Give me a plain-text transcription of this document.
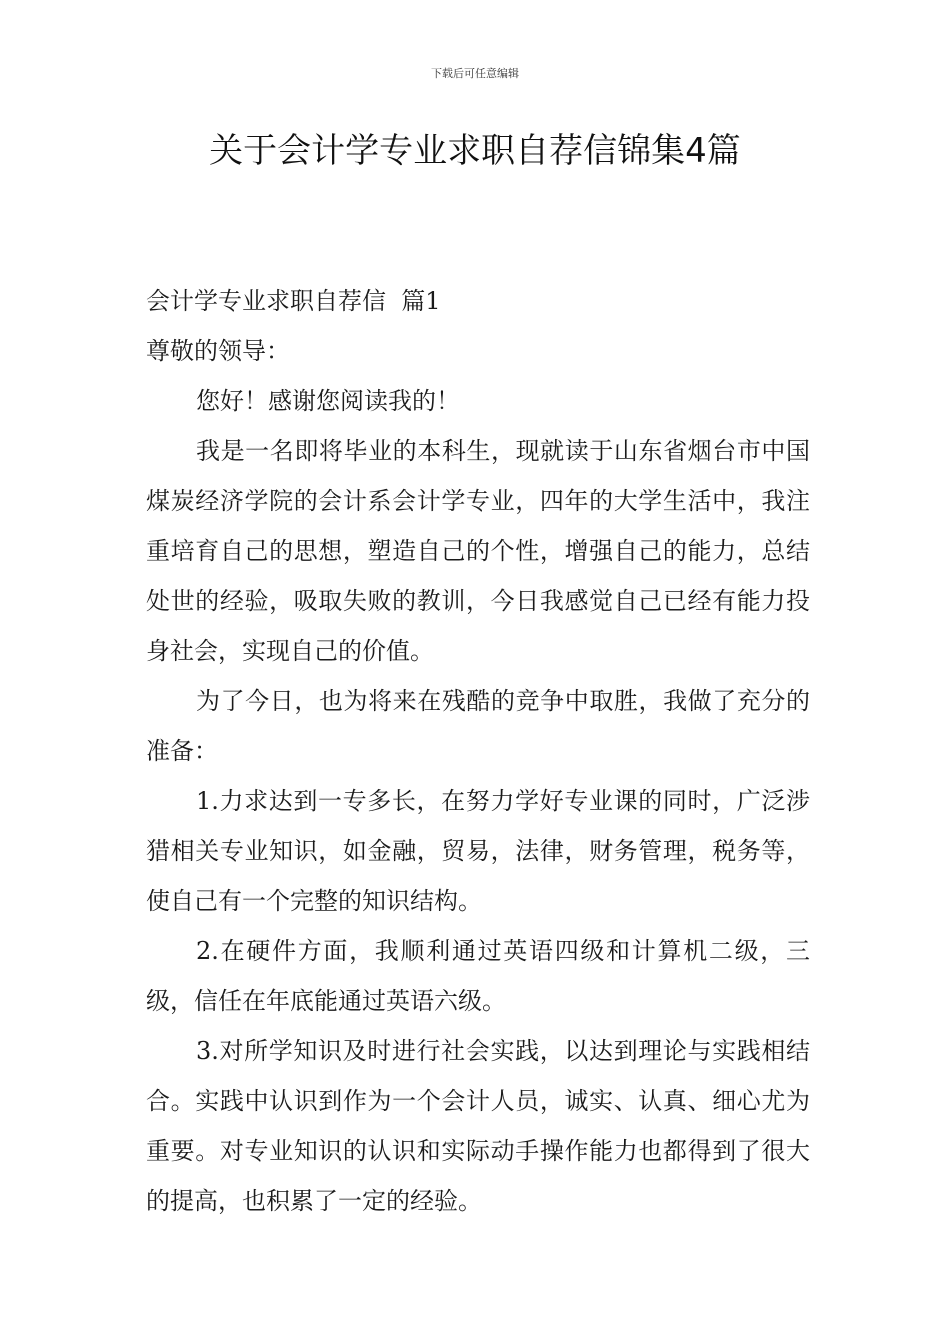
下载后可任意编辑
关于会计学专业求职自荐信锦集4篇

会计学专业求职自荐信  篇1

尊敬的领导：

您好！感谢您阅读我的！

我是一名即将毕业的本科生，现就读于山东省烟台市中国煤炭经济学院的会计系会计学专业，四年的大学生活中，我注重培育自己的思想，塑造自己的个性，增强自己的能力，总结处世的经验，吸取失败的教训，今日我感觉自己已经有能力投身社会，实现自己的价值。

为了今日，也为将来在残酷的竞争中取胜，我做了充分的准备：

1.力求达到一专多长，在努力学好专业课的同时，广泛涉猎相关专业知识，如金融，贸易，法律，财务管理，税务等，使自己有一个完整的知识结构。

2.在硬件方面，我顺利通过英语四级和计算机二级，三级，信任在年底能通过英语六级。

3.对所学知识及时进行社会实践，以达到理论与实践相结合。实践中认识到作为一个会计人员，诚实、认真、细心尤为重要。对专业知识的认识和实际动手操作能力也都得到了很大的提高，也积累了一定的经验。
